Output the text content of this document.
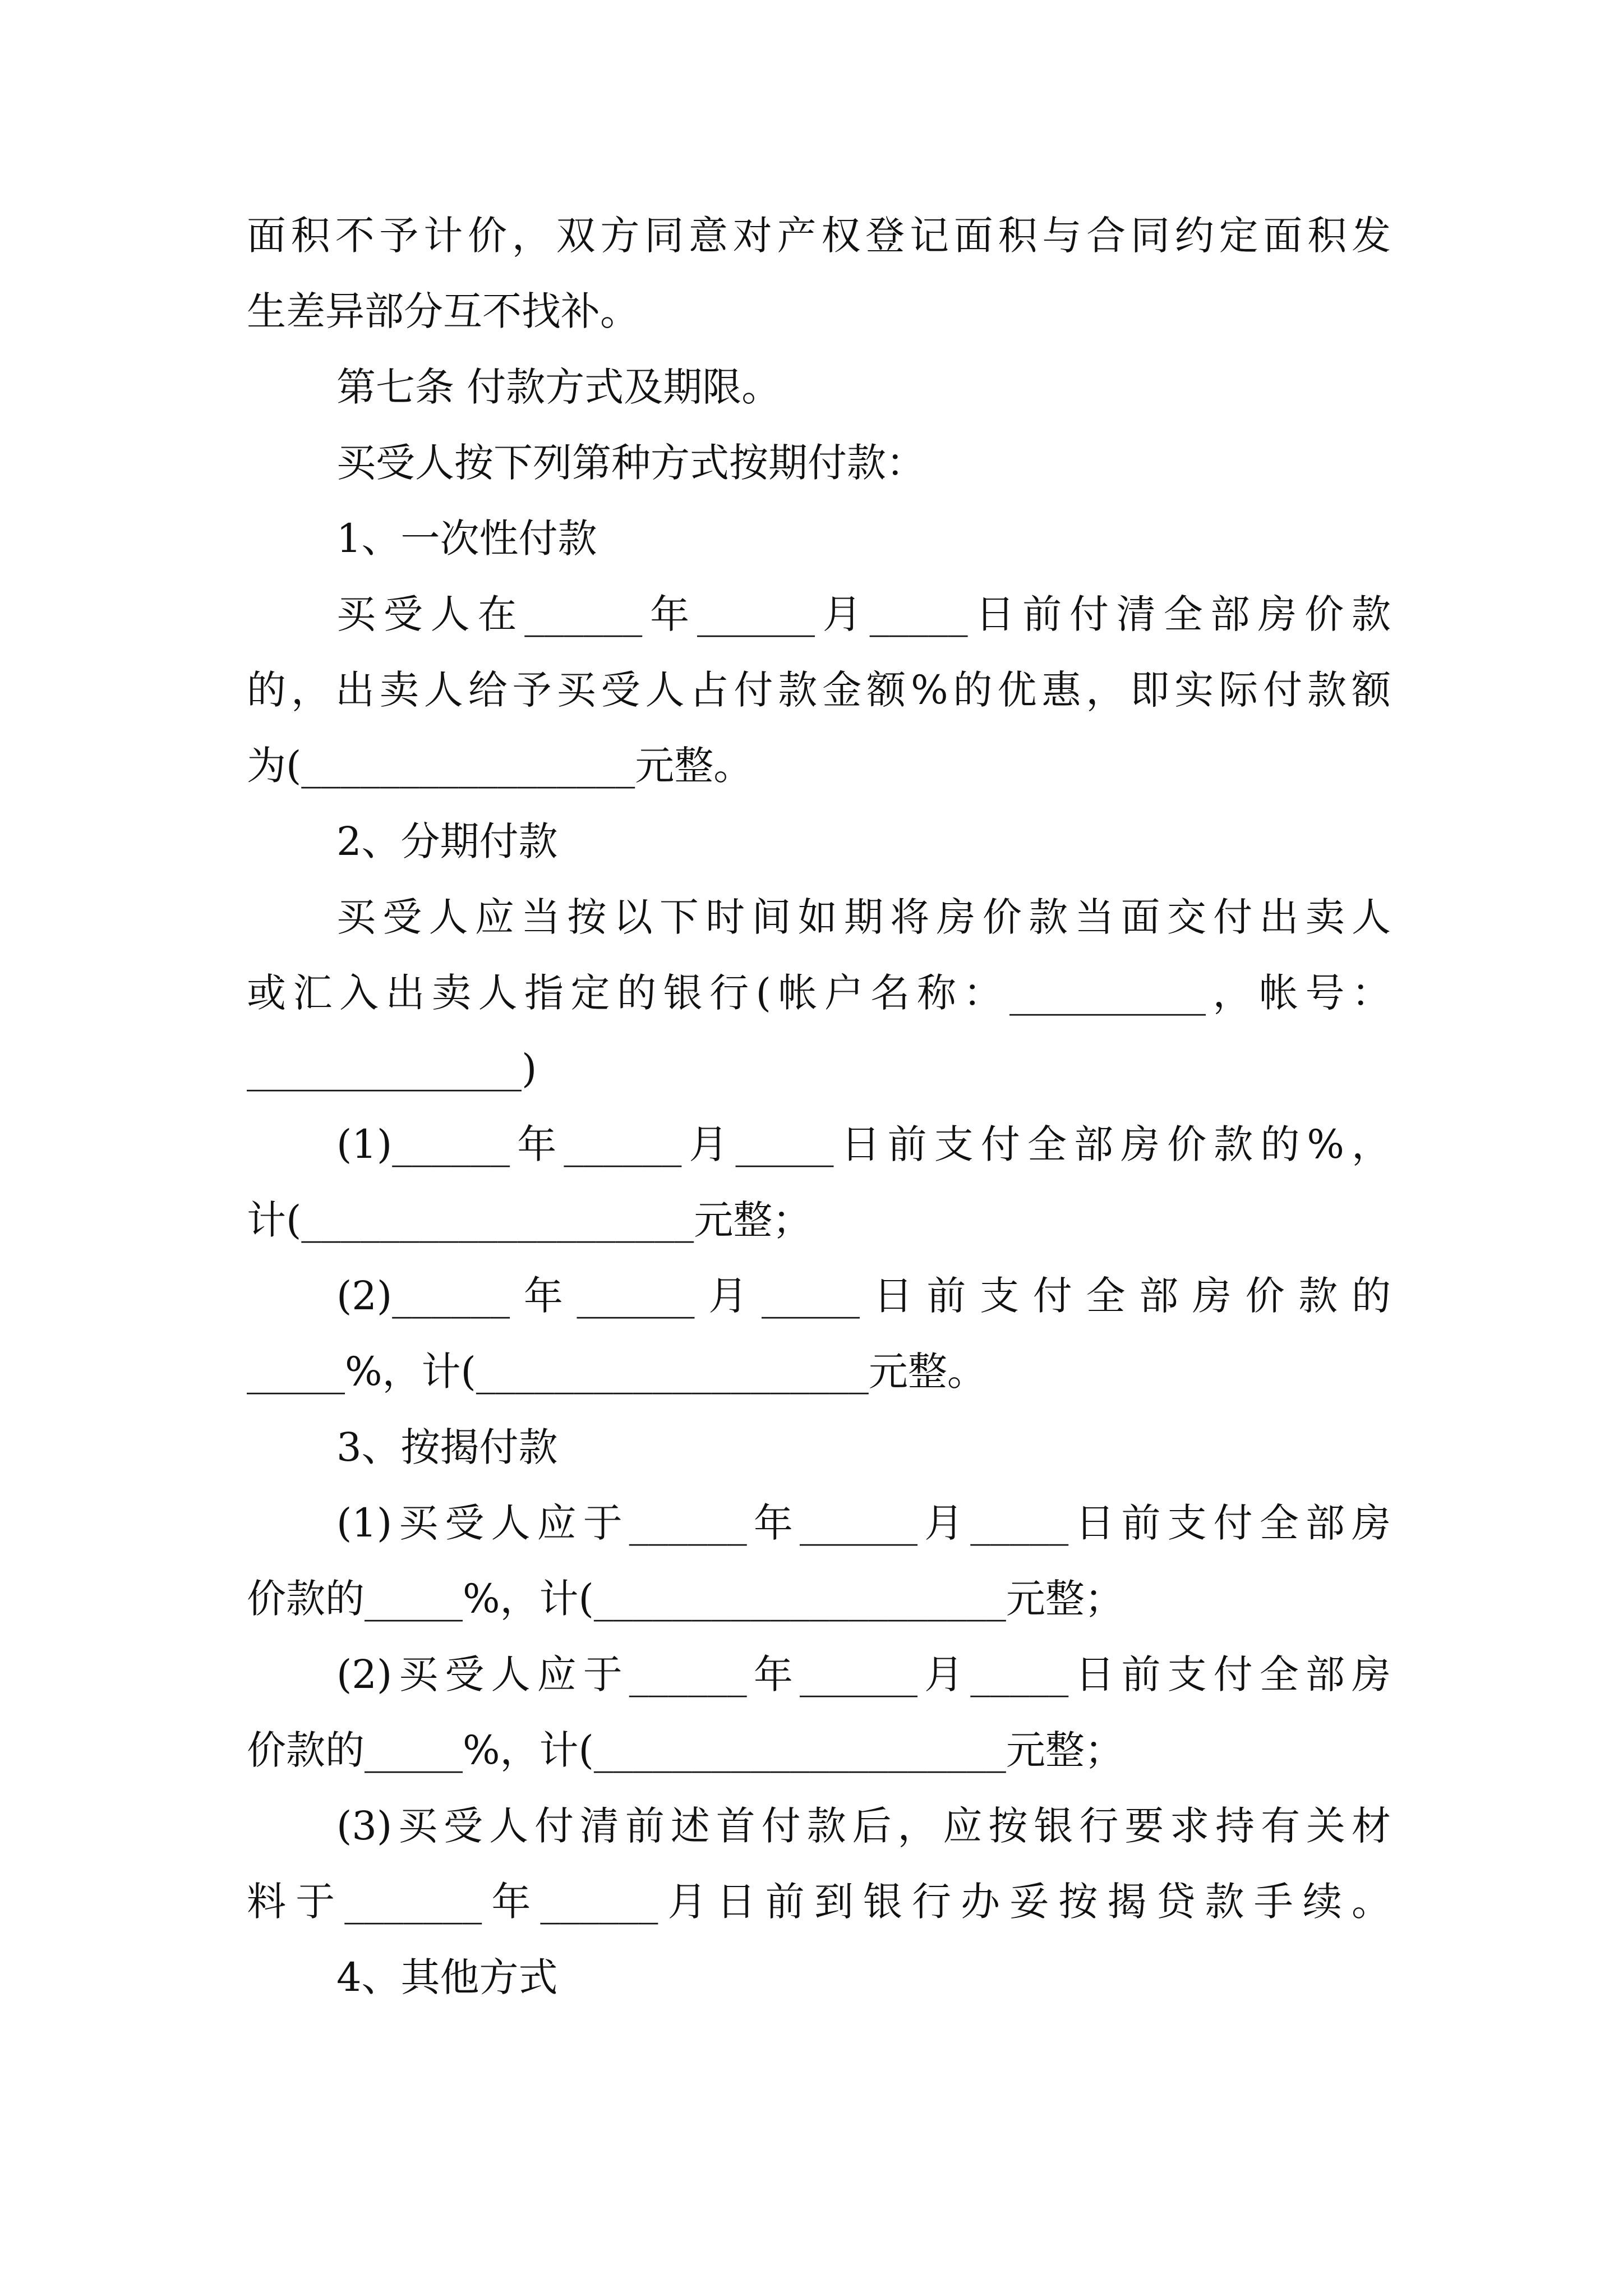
面积不予计价，双方同意对产权登记面积与合同约定面积发

生差异部分互不找补。

第七条 付款方式及期限。

买受人按下列第种方式按期付款：

1、一次性付款

买受人在______年______月_____日前付清全部房价款

的，出卖人给予买受人占付款金额%的优惠，即实际付款额

为(_________________元整。

2、分期付款

买受人应当按以下时间如期将房价款当面交付出卖人

或汇入出卖人指定的银行(帐户名称：__________，帐号：

______________)

(1)______年______月_____日前支付全部房价款的%，

计(____________________元整；

(2)______年______月_____日前支付全部房价款的

_____%，计(____________________元整。

3、按揭付款

(1)买受人应于______年______月_____日前支付全部房

价款的_____%，计(_____________________元整；

(2)买受人应于______年______月_____日前支付全部房

价款的_____%，计(_____________________元整；

(3)买受人付清前述首付款后，应按银行要求持有关材

料于_______年______月日前到银行办妥按揭贷款手续。

4、其他方式
